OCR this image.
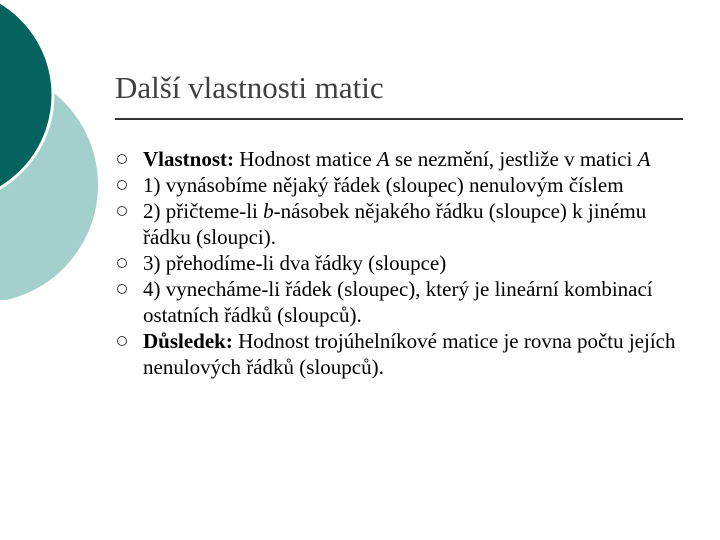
Další vlastnosti matic
Vlastnost: Hodnost matice A se nezmění, jestliže v matici A
1) vynásobíme nějaký řádek (sloupec) nenulovým číslem
2) přičteme-li b-násobek nějakého řádku (sloupce) k jinému řádku (sloupci).
3) přehodíme-li dva řádky (sloupce)
4) vynecháme-li řádek (sloupec), který je lineární kombinací ostatních řádků (sloupců).
Důsledek: Hodnost trojúhelníkové matice je rovna počtu jejích nenulových řádků (sloupců).
